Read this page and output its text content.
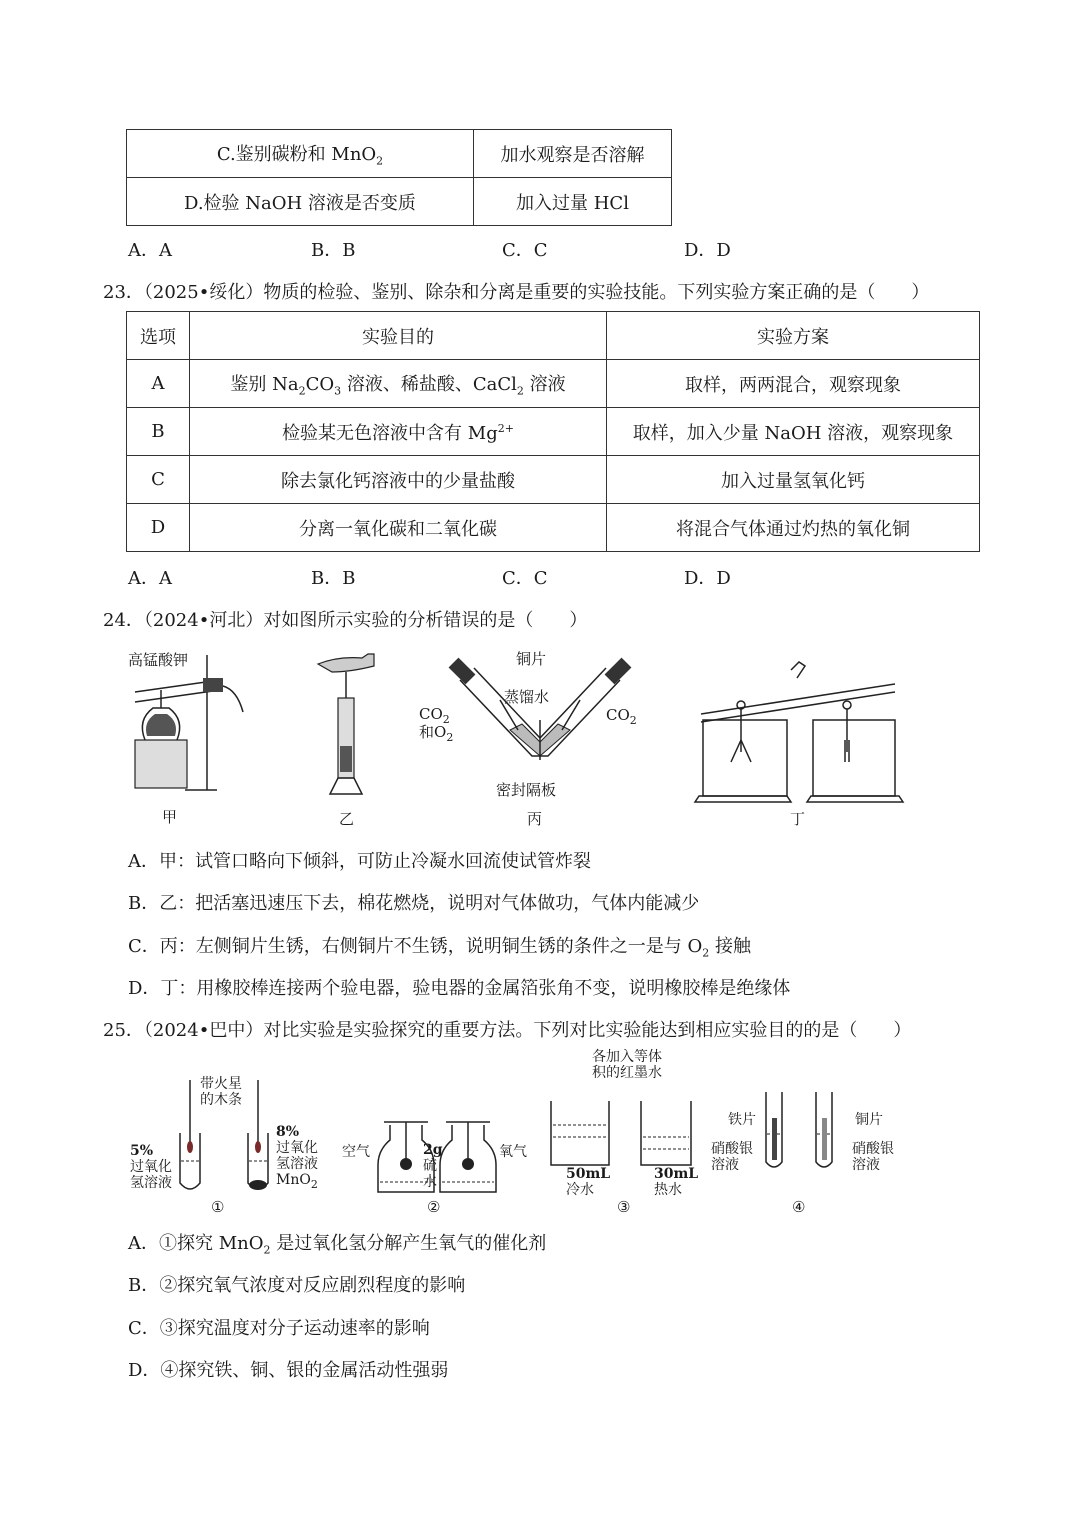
C.鉴别碳粉和 MnO$_2$	加水观察是否溶解
D.检验 NaOH 溶液是否变质	加入过量 HCl
A．A	B．B	C．C	D．D
23．（2025•绥化）物质的检验、鉴别、除杂和分离是重要的实验技能。下列实验方案正确的是（　　）
选项	实验目的	实验方案
A	鉴别 $Na_2CO_3$ 溶液、稀盐酸、CaCl$_2$ 溶液	取样，两两混合，观察现象
B	检验某无色溶液中含有 $Mg^{2+}$	取样，加入少量 NaOH 溶液，观察现象
C	除去氯化钙溶液中的少量盐酸	加入过量氢氧化钙
D	分离一氧化碳和二氧化碳	将混合气体通过灼热的氧化铜
A．A	B．B	C．C	D．D
24．（2024•河北）对如图所示实验的分析错误的是（　　）
高锰酸钾	铜片
蒸馏水
$CO_2$
和$O_2$
$CO_2$
密封隔板
甲	乙	丙	丁
A．甲：试管口略向下倾斜，可防止冷凝水回流使试管炸裂
B．乙：把活塞迅速压下去，棉花燃烧，说明对气体做功，气体内能减少
C．丙：左侧铜片生锈，右侧铜片不生锈，说明铜生锈的条件之一是与 $O_2$ 接触
D．丁：用橡胶棒连接两个验电器，验电器的金属箔张角不变，说明橡胶棒是绝缘体
25．（2024•巴中）对比实验是实验探究的重要方法。下列对比实验能达到相应实验目的的是（　　）
带火星
的木条
5%
过氧化
氢溶液
8%
过氧化
氢溶液
MnO$_2$
空气	2g
硫
水
氧气
各加入等体
积的红墨水
50mL
冷水
30mL
热水
铁片
硝酸银
溶液
铜片
硝酸银
溶液
①	②	③	④
A．①探究 MnO$_2$ 是过氧化氢分解产生氧气的催化剂
B．②探究氧气浓度对反应剧烈程度的影响
C．③探究温度对分子运动速率的影响
D．④探究铁、铜、银的金属活动性强弱
